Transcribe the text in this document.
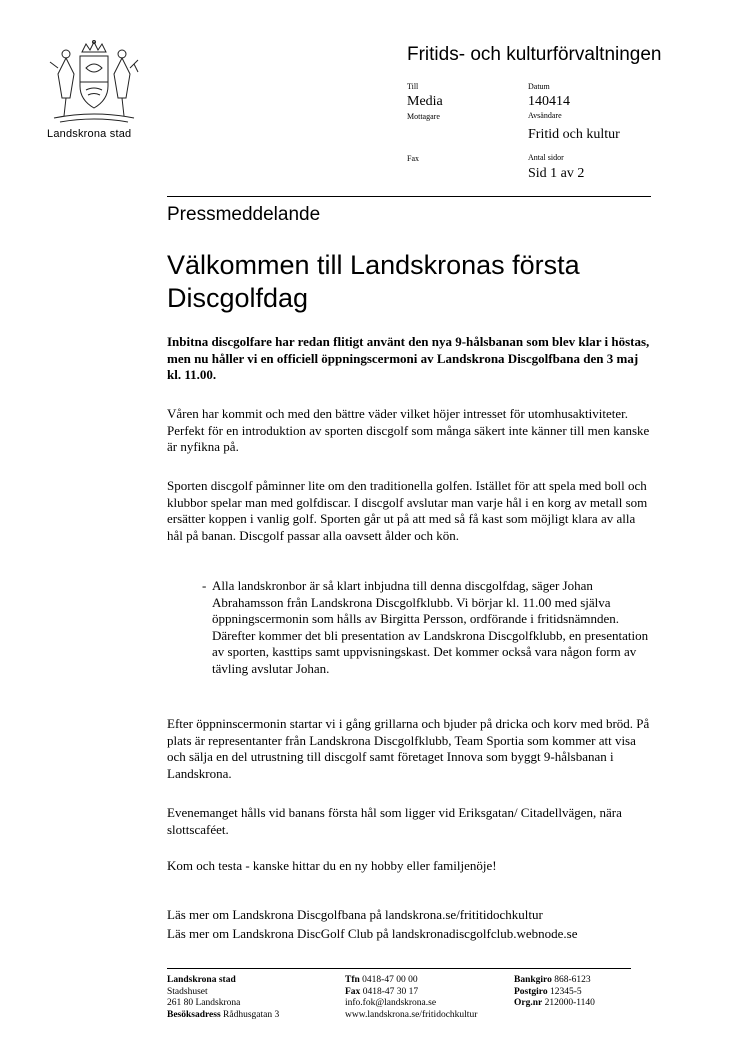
Landskrona stad
Fritids- och kulturförvaltningen
Till
Media
Mottagare
Fax
Datum
140414
Avsändare
Fritid och kultur
Antal sidor
Sid 1 av 2
Pressmeddelande
Välkommen till Landskronas första Discgolfdag

Inbitna discgolfare har redan flitigt använt den nya 9-hålsbanan som blev klar i höstas, men nu håller vi en officiell öppningscermoni av Landskrona Discgolfbana den 3 maj kl. 11.00.

Våren har kommit och med den bättre väder vilket höjer intresset för utomhusaktiviteter. Perfekt för en introduktion av sporten discgolf som många säkert inte känner till men kanske är nyfikna på.

Sporten discgolf påminner lite om den traditionella golfen. Istället för att spela med boll och klubbor spelar man med golfdiscar. I discgolf avslutar man varje hål i en korg av metall som ersätter koppen i vanlig golf. Sporten går ut på att med så få kast som möjligt klara av alla hål på banan. Discgolf passar alla oavsett ålder och kön.

- Alla landskronbor är så klart inbjudna till denna discgolfdag, säger Johan Abrahamsson från Landskrona Discgolfklubb. Vi börjar kl. 11.00 med själva öppningscermonin som hålls av Birgitta Persson, ordförande i fritidsnämnden. Därefter kommer det bli presentation av Landskrona Discgolfklubb, en presentation av sporten, kasttips samt uppvisningskast. Det kommer också vara någon form av tävling avslutar Johan.

Efter öppninscermonin startar vi i gång grillarna och bjuder på dricka och korv med bröd. På plats är representanter från Landskrona Discgolfklubb, Team Sportia som kommer att visa och sälja en del utrustning till discgolf samt företaget Innova som byggt 9-hålsbanan i Landskrona.

Evenemanget hålls vid banans första hål som ligger vid Eriksgatan/ Citadellvägen, nära slottscaféet.

Kom och testa - kanske hittar du en ny hobby eller familjenöje!

Läs mer om Landskrona Discgolfbana på landskrona.se/frititidochkultur

Läs mer om Landskrona DiscGolf Club på landskronadiscgolfclub.webnode.se

Landskrona stad
Stadshuset
261 80 Landskrona
Besöksadress Rådhusgatan 3
Tfn 0418-47 00 00
Fax 0418-47 30 17
info.fok@landskrona.se
www.landskrona.se/fritidochkultur
Bankgiro 868-6123
Postgiro 12345-5
Org.nr 212000-1140
